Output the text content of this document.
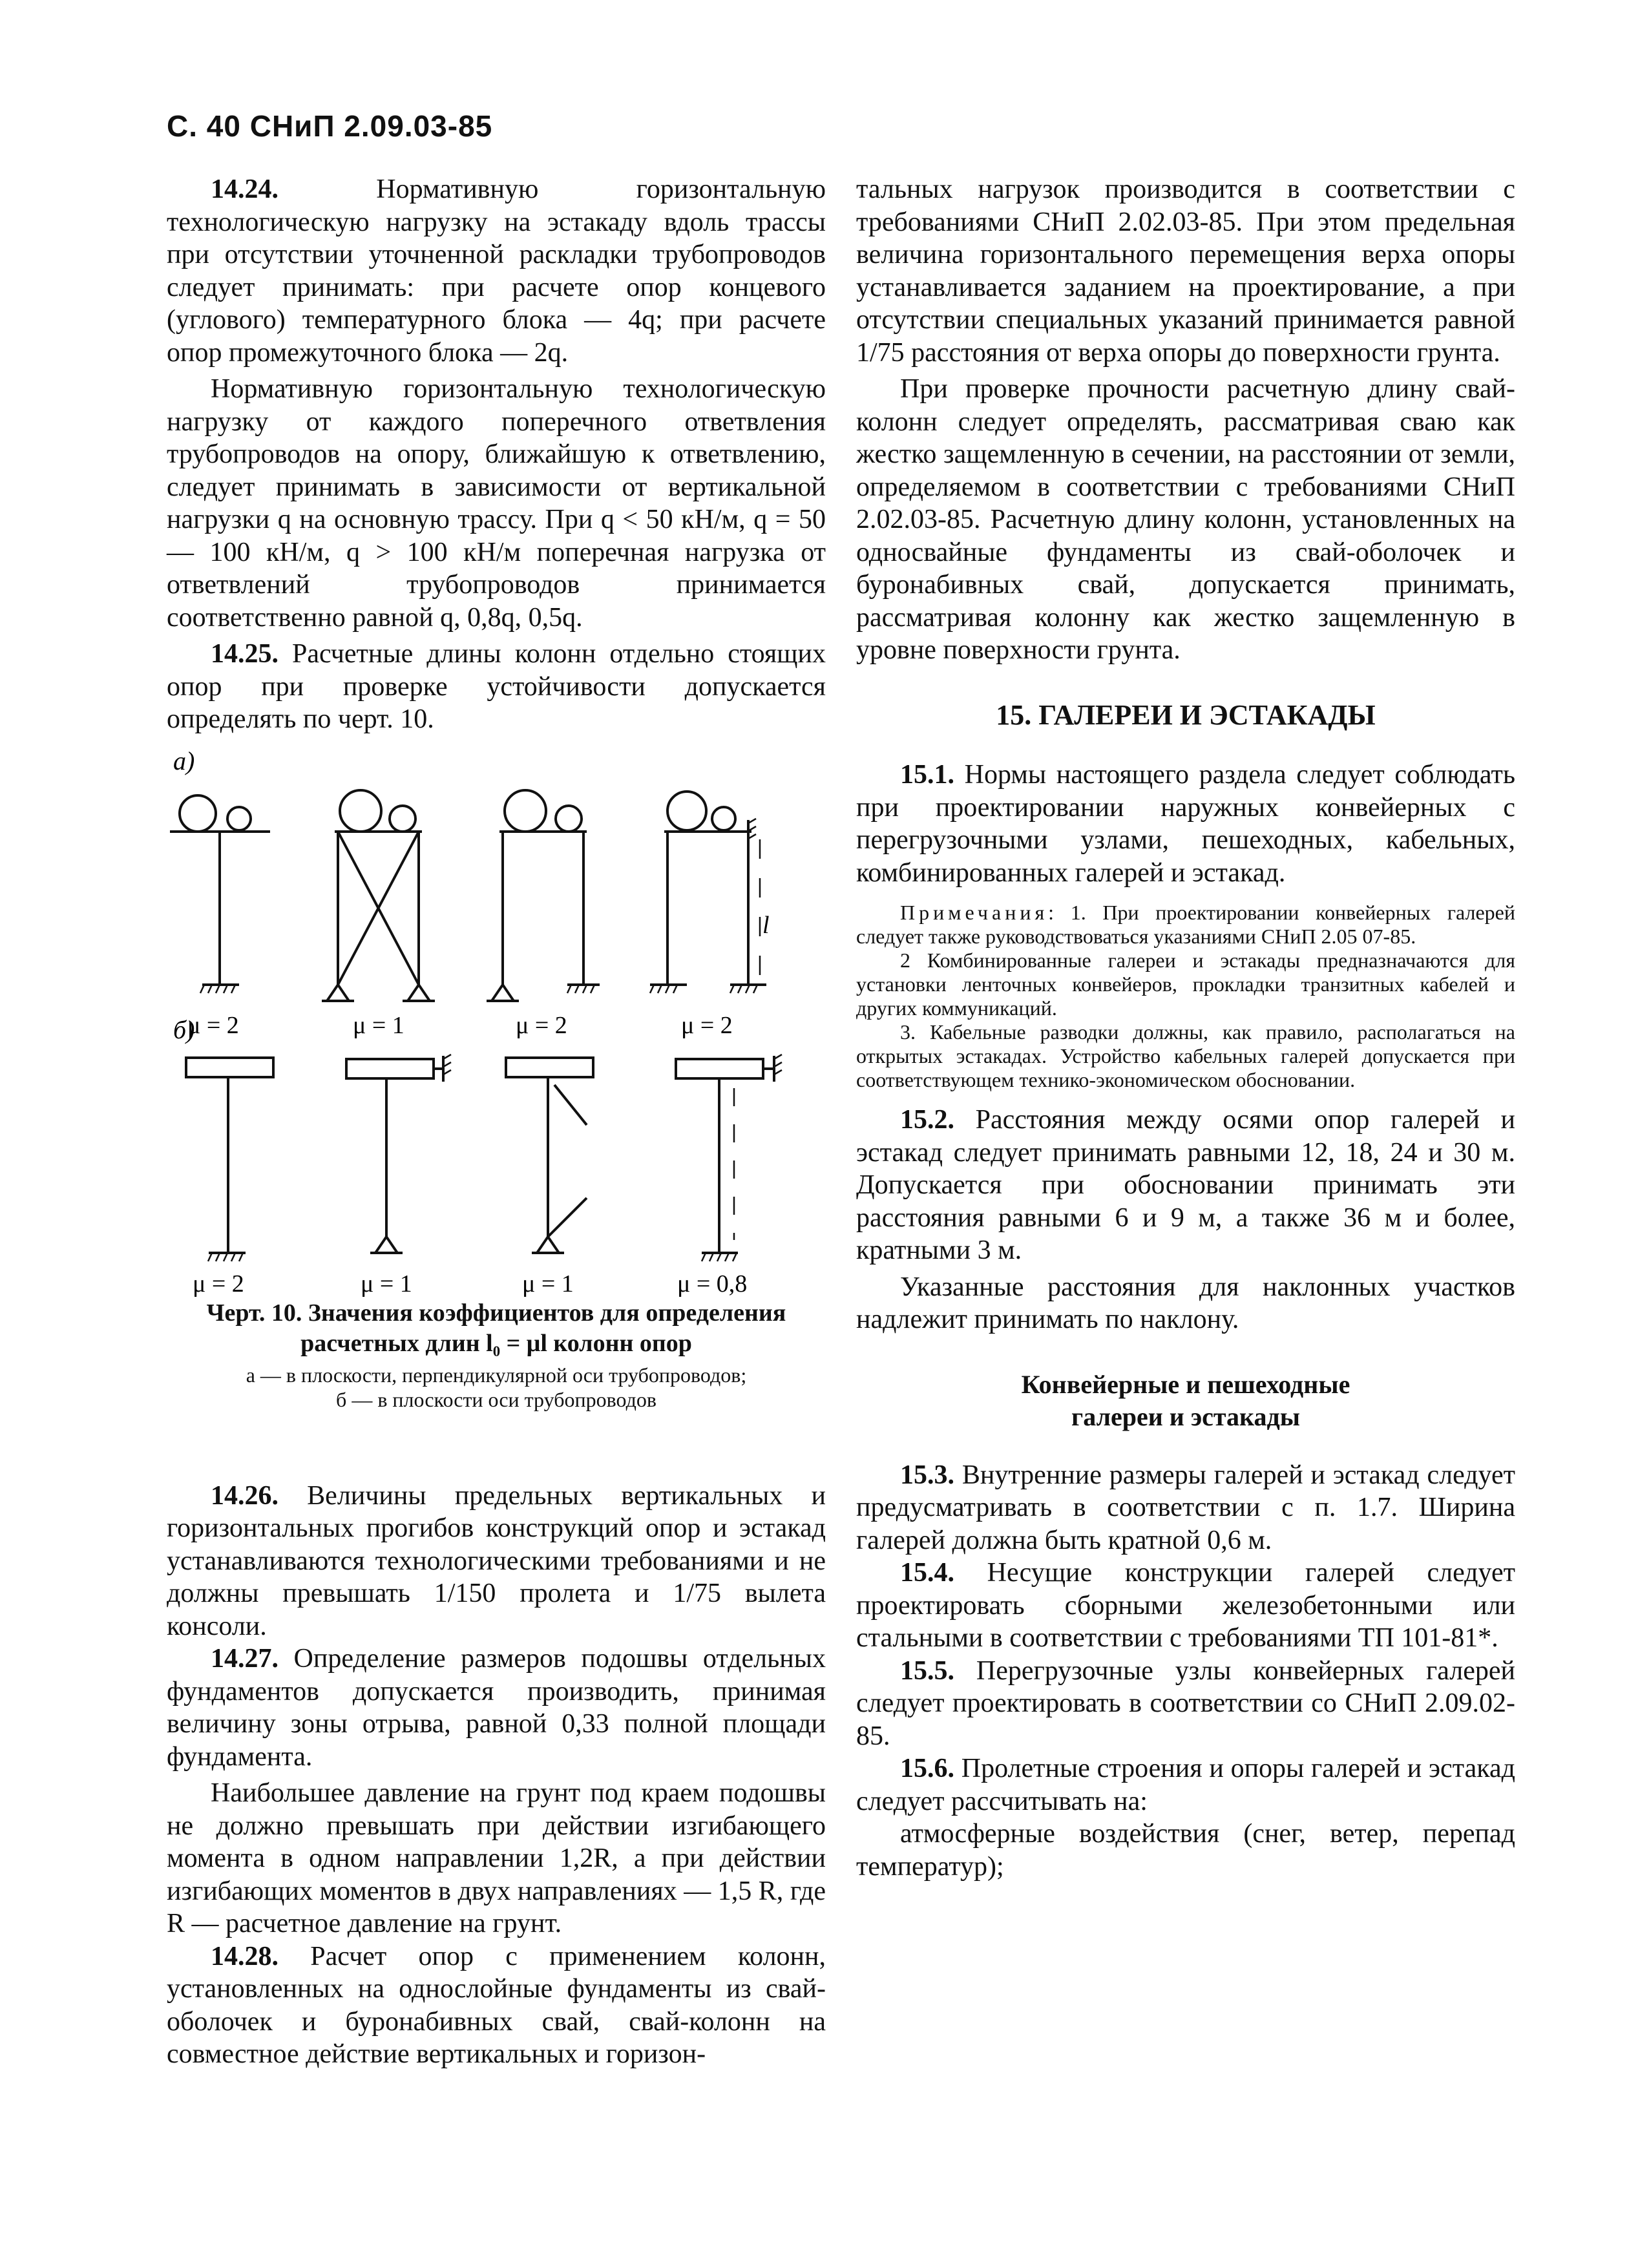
С. 40 СНиП 2.09.03-85

14.24. Нормативную горизонтальную технологическую нагрузку на эстакаду вдоль трассы при отсутствии уточненной раскладки трубопроводов следует принимать: при расчете опор концевого (углового) температурного блока — 4q; при расчете опор промежуточного блока — 2q.

Нормативную горизонтальную технологическую нагрузку от каждого поперечного ответвления трубопроводов на опору, ближайшую к ответвлению, следует принимать в зависимости от вертикальной нагрузки q на основную трассу. При q < 50 кН/м, q = 50 — 100 кН/м, q > 100 кН/м поперечная нагрузка от ответвлений трубопроводов принимается соответственно равной q, 0,8q, 0,5q.

14.25. Расчетные длины колонн отдельно стоящих опор при проверке устойчивости допускается определять по черт. 10.

а)
б)
l
μ = 2	μ = 1	μ = 2	μ = 2
μ = 2	μ = 1	μ = 1	μ = 0,8
Черт. 10. Значения коэффициентов для определения расчетных длин l₀ = μl колонн опор
а — в плоскости, перпендикулярной оси трубопроводов;
б — в плоскости оси трубопроводов

14.26. Величины предельных вертикальных и горизонтальных прогибов конструкций опор и эстакад устанавливаются технологическими требованиями и не должны превышать 1/150 пролета и 1/75 вылета консоли.

14.27. Определение размеров подошвы отдельных фундаментов допускается производить, принимая величину зоны отрыва, равной 0,33 полной площади фундамента.

Наибольшее давление на грунт под краем подошвы не должно превышать при действии изгибающего момента в одном направлении 1,2R, а при действии изгибающих моментов в двух направлениях — 1,5 R, где R — расчетное давление на грунт.

14.28. Расчет опор с применением колонн, установленных на однослойные фундаменты из свай-оболочек и буронабивных свай, свай-колонн на совместное действие вертикальных и горизон-

тальных нагрузок производится в соответствии с требованиями СНиП 2.02.03-85. При этом предельная величина горизонтального перемещения верха опоры устанавливается заданием на проектирование, а при отсутствии специальных указаний принимается равной 1/75 расстояния от верха опоры до поверхности грунта.

При проверке прочности расчетную длину свай-колонн следует определять, рассматривая сваю как жестко защемленную в сечении, на расстоянии от земли, определяемом в соответствии с требованиями СНиП 2.02.03-85. Расчетную длину колонн, установленных на односвайные фундаменты из свай-оболочек и буронабивных свай, допускается принимать, рассматривая колонну как жестко защемленную в уровне поверхности грунта.

15. ГАЛЕРЕИ И ЭСТАКАДЫ

15.1. Нормы настоящего раздела следует соблюдать при проектировании наружных конвейерных с перегрузочными узлами, пешеходных, кабельных, комбинированных галерей и эстакад.

Примечания: 1. При проектировании конвейерных галерей следует также руководствоваться указаниями СНиП 2.05 07-85.

2 Комбинированные галереи и эстакады предназначаются для установки ленточных конвейеров, прокладки транзитных кабелей и других коммуникаций.

3. Кабельные разводки должны, как правило, располагаться на открытых эстакадах. Устройство кабельных галерей допускается при соответствующем технико-экономическом обосновании.

15.2. Расстояния между осями опор галерей и эстакад следует принимать равными 12, 18, 24 и 30 м. Допускается при обосновании принимать эти расстояния равными 6 и 9 м, а также 36 м и более, кратными 3 м.

Указанные расстояния для наклонных участков надлежит принимать по наклону.

Конвейерные и пешеходные
галереи и эстакады

15.3. Внутренние размеры галерей и эстакад следует предусматривать в соответствии с п. 1.7. Ширина галерей должна быть кратной 0,6 м.

15.4. Несущие конструкции галерей следует проектировать сборными железобетонными или стальными в соответствии с требованиями ТП 101-81*.

15.5. Перегрузочные узлы конвейерных галерей следует проектировать в соответствии со СНиП 2.09.02-85.

15.6. Пролетные строения и опоры галерей и эстакад следует рассчитывать на:

атмосферные воздействия (снег, ветер, перепад температур);
